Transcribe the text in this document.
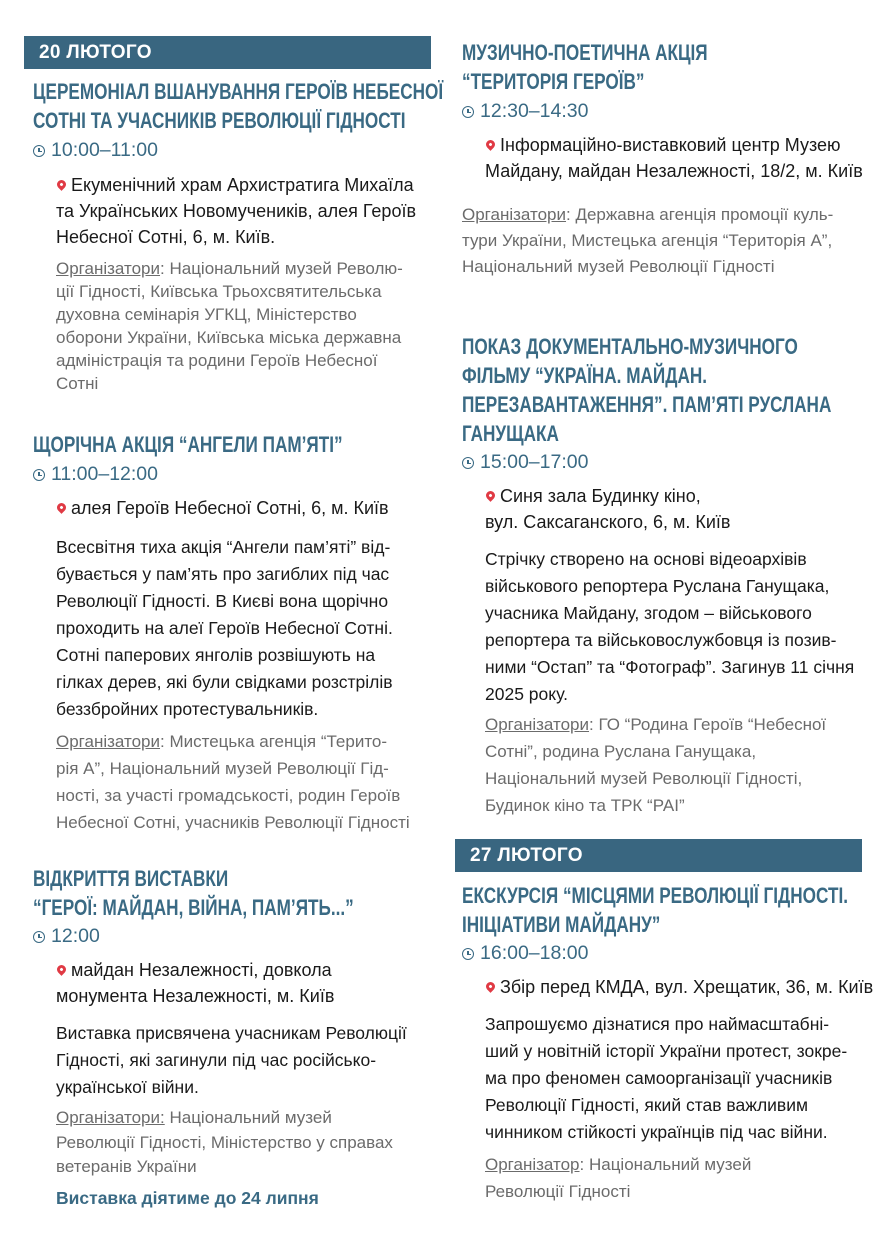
20 ЛЮТОГО
ЦЕРЕМОНІАЛ ВШАНУВАННЯ ГЕРОЇВ НЕБЕСНОЇ
СОТНІ ТА УЧАСНИКІВ РЕВОЛЮЦІЇ ГІДНОСТІ
10:00–11:00
Екуменічний храм Архистратига Михаїла
та Українських Новомучеників, алея Героїв
Небесної Сотні, 6, м. Київ.
Організатори: Національний музей Револю-
ції Гідності, Київська Трьохсвятительська
духовна семінарія УГКЦ, Міністерство
оборони України, Київська міська державна
адміністрація та родини Героїв Небесної
Сотні
ЩОРІЧНА АКЦІЯ “АНГЕЛИ ПАМ’ЯТІ”
11:00–12:00
алея Героїв Небесної Сотні, 6, м. Київ
Всесвітня тиха акція “Ангели пам’яті” від-
бувається у пам’ять про загиблих під час
Революції Гідності. В Києві вона щорічно
проходить на алеї Героїв Небесної Сотні.
Сотні паперових янголів розвішують на
гілках дерев, які були свідками розстрілів
беззбройних протестувальників.
Організатори: Мистецька агенція “Терито-
рія А”, Національний музей Революції Гід-
ності, за участі громадськості, родин Героїв
Небесної Сотні, учасників Революції Гідності
ВІДКРИТТЯ ВИСТАВКИ
“ГЕРОЇ: МАЙДАН, ВІЙНА, ПАМ’ЯТЬ...”
12:00
майдан Незалежності, довкола
монумента Незалежності, м. Київ
Виставка присвячена учасникам Революції
Гідності, які загинули під час російсько-
української війни.
Організатори: Національний музей
Революції Гідності, Міністерство у справах
ветеранів України
Виставка діятиме до 24 липня
МУЗИЧНО-ПОЕТИЧНА АКЦІЯ
“ТЕРИТОРІЯ ГЕРОЇВ”
12:30–14:30
Інформаційно-виставковий центр Музею
Майдану, майдан Незалежності, 18/2, м. Київ
Організатори: Державна агенція промоції куль-
тури України, Мистецька агенція “Територія А”,
Національний музей Революції Гідності
ПОКАЗ ДОКУМЕНТАЛЬНО-МУЗИЧНОГО
ФІЛЬМУ “УКРАЇНА. МАЙДАН.
ПЕРЕЗАВАНТАЖЕННЯ”. ПАМ’ЯТІ РУСЛАНА
ГАНУЩАКА
15:00–17:00
Синя зала Будинку кіно,
вул. Саксаганского, 6, м. Київ
Стрічку створено на основі відеоархівів
військового репортера Руслана Ганущака,
учасника Майдану, згодом – військового
репортера та військовослужбовця із позив-
ними “Остап” та “Фотограф”. Загинув 11 січня
2025 року.
Організатори: ГО “Родина Героїв “Небесної
Сотні”, родина Руслана Ганущака,
Національний музей Революції Гідності,
Будинок кіно та ТРК “РАІ”
27 ЛЮТОГО
ЕКСКУРСІЯ “МІСЦЯМИ РЕВОЛЮЦІЇ ГІДНОСТІ.
ІНІЦІАТИВИ МАЙДАНУ”
16:00–18:00
Збір перед КМДА, вул. Хрещатик, 36, м. Київ
Запрошуємо дізнатися про наймасштабні-
ший у новітній історії України протест, зокре-
ма про феномен самоорганізації учасників
Революції Гідності, який став важливим
чинником стійкості українців під час війни.
Організатор: Національний музей
Революції Гідності
